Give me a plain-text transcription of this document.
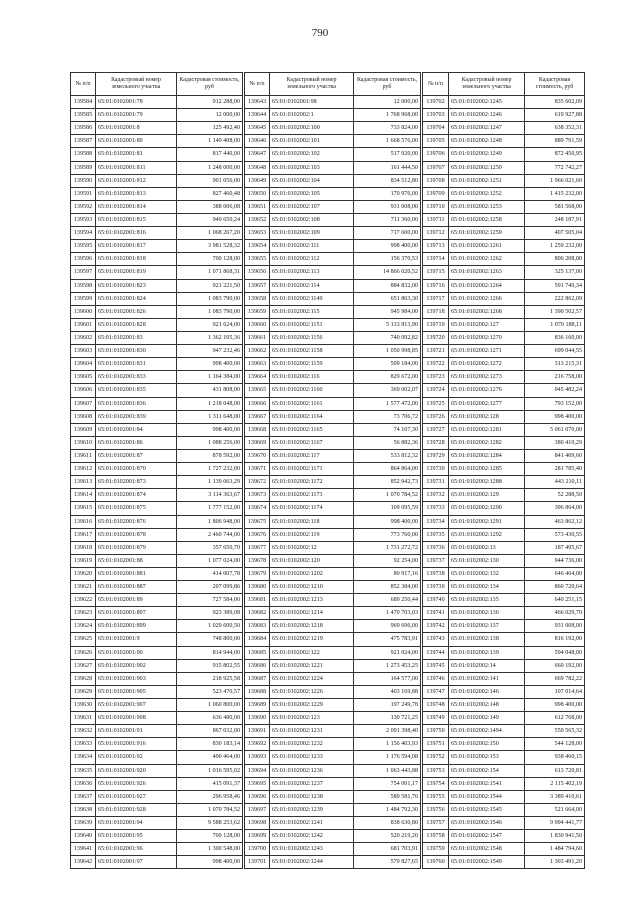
790
№ п/п	Кадастровый номер земельного участка	Кадастровая стоимость, руб
139584	65:01:0102001:78	912 288,00
139585	65:01:0102001:79	12 000,00
139586	65:01:0102001:8	125 492,40
139587	65:01:0102001:80	1 149 408,00
139588	65:01:0102001:81	817 440,00
139589	65:01:0102001:811	1 248 000,00
139590	65:01:0102001:812	901 056,00
139591	65:01:0102001:813	827 460,48
139592	65:01:0102001:814	388 006,08
139593	65:01:0102001:815	949 650,24
139594	65:01:0102001:816	1 068 267,20
139595	65:01:0102001:817	3 981 528,32
139596	65:01:0102001:818	700 128,00
139597	65:01:0102001:819	1 071 868,31
139598	65:01:0102001:823	921 221,50
139599	65:01:0102001:824	1 083 790,00
139600	65:01:0102001:826	1 083 790,00
139601	65:01:0102001:828	921 624,00
139602	65:01:0102001:83	1 362 105,36
139603	65:01:0102001:830	947 232,46
139604	65:01:0102001:831	998 400,00
139605	65:01:0102001:833	1 164 384,00
139606	65:01:0102001:835	431 808,00
139607	65:01:0102001:836	1 218 048,00
139608	65:01:0102001:839	1 311 648,00
139609	65:01:0102001:84	998 400,00
139610	65:01:0102001:86	1 088 256,00
139611	65:01:0102001:87	878 592,00
139612	65:01:0102001:870	1 727 232,00
139613	65:01:0102001:873	1 139 063,29
139614	65:01:0102001:874	3 114 363,67
139615	65:01:0102001:875	1 777 152,00
139616	65:01:0102001:876	1 806 948,00
139617	65:01:0102001:878	2 460 744,00
139618	65:01:0102001:879	357 650,70
139619	65:01:0102001:88	1 077 024,00
139620	65:01:0102001:881	414 007,78
139621	65:01:0102001:887	207 099,86
139622	65:01:0102001:89	727 584,00
139623	65:01:0102001:897	923 389,08
139624	65:01:0102001:899	1 029 600,50
139625	65:01:0102001:9	748 800,00
139626	65:01:0102001:90	814 944,00
139627	65:01:0102001:902	915 802,55
139628	65:01:0102001:903	218 925,58
139629	65:01:0102001:905	523 470,57
139630	65:01:0102001:907	1 060 800,00
139631	65:01:0102001:908	636 480,00
139632	65:01:0102001:91	867 032,00
139633	65:01:0102001:916	830 183,14
139634	65:01:0102001:92	490 464,00
139635	65:01:0102001:920	1 016 595,02
139636	65:01:0102001:926	415 091,37
139637	65:01:0102001:927	296 958,46
139638	65:01:0102001:928	1 070 784,52
139639	65:01:0102001:94	9 588 253,62
139640	65:01:0102001:95	700 128,00
139641	65:01:0102001:96	1 300 548,00
139642	65:01:0102001:97	998 400,00
№ п/п	Кадастровый номер земельного участка	Кадастровая стоимость, руб
139643	65:01:0102001:98	12 000,00
139644	65:01:0102002:1	1 768 968,00
139645	65:01:0102002:100	733 824,00
139646	65:01:0102002:101	1 668 576,00
139647	65:01:0102002:102	517 920,00
139648	65:01:0102002:103	161 444,50
139649	65:01:0102002:104	834 512,80
139650	65:01:0102002:105	170 976,00
139651	65:01:0102002:107	931 008,00
139652	65:01:0102002:108	711 360,00
139653	65:01:0102002:109	717 600,00
139654	65:01:0102002:111	998 400,00
139655	65:01:0102002:112	156 370,53
139656	65:01:0102002:113	14 866 020,52
139657	65:01:0102002:114	884 832,00
139658	65:01:0102002:1149	651 863,30
139659	65:01:0102002:115	945 984,00
139660	65:01:0102002:1151	5 133 813,90
139661	65:01:0102002:1156	740 092,82
139662	65:01:0102002:1158	1 050 998,85
139663	65:01:0102002:1159	509 184,00
139664	65:01:0102002:116	829 672,00
139665	65:01:0102002:1160	369 002,07
139666	65:01:0102002:1161	1 577 472,00
139667	65:01:0102002:1164	73 706,72
139668	65:01:0102002:1165	74 107,30
139669	65:01:0102002:1167	56 882,36
139670	65:01:0102002:117	533 812,32
139671	65:01:0102002:1171	864 864,00
139672	65:01:0102002:1172	852 942,73
139673	65:01:0102002:1173	1 070 784,52
139674	65:01:0102002:1174	109 095,59
139675	65:01:0102002:118	998 400,00
139676	65:01:0102002:119	773 760,00
139677	65:01:0102002:12	1 731 272,72
139678	65:01:0102002:120	92 254,00
139679	65:01:0102002:1202	80 917,16
139680	65:01:0102002:1210	852 384,00
139681	65:01:0102002:1213	689 250,44
139682	65:01:0102002:1214	1 470 703,03
139683	65:01:0102002:1218	969 696,00
139684	65:01:0102002:1219	475 783,91
139685	65:01:0102002:122	921 024,00
139686	65:01:0102002:1221	1 273 453,25
139687	65:01:0102002:1224	164 577,00
139688	65:01:0102002:1226	403 169,88
139689	65:01:0102002:1229	197 249,78
139690	65:01:0102002:123	130 721,25
139691	65:01:0102002:1231	2 091 398,40
139692	65:01:0102002:1232	1 156 403,93
139693	65:01:0102002:1233	1 176 594,08
139694	65:01:0102002:1236	1 063 443,88
139695	65:01:0102002:1237	754 001,17
139696	65:01:0102002:1238	589 581,76
139697	65:01:0102002:1239	1 484 792,30
139698	65:01:0102002:1241	838 630,80
139699	65:01:0102002:1242	520 219,20
139700	65:01:0102002:1243	681 703,91
139701	65:01:0102002:1244	579 827,65
№ п/п	Кадастровый номер земельного участка	Кадастровая стоимость, руб
139702	65:01:0102002:1245	835 602,09
139703	65:01:0102002:1246	619 927,88
139704	65:01:0102002:1247	638 352,31
139705	65:01:0102002:1248	889 791,59
139706	65:01:0102002:1249	872 450,95
139707	65:01:0102002:1250	772 742,27
139708	65:01:0102002:1251	1 966 021,60
139709	65:01:0102002:1252	1 415 232,00
139710	65:01:0102002:1253	581 568,00
139711	65:01:0102002:1258	248 187,91
139712	65:01:0102002:1259	407 505,04
139713	65:01:0102002:1261	1 259 232,00
139714	65:01:0102002:1262	806 208,00
139715	65:01:0102002:1263	325 137,00
139716	65:01:0102002:1264	591 749,34
139717	65:01:0102002:1266	222 862,09
139718	65:01:0102002:1268	1 390 502,57
139719	65:01:0102002:127	1 070 188,11
139720	65:01:0102002:1270	836 160,00
139721	65:01:0102002:1271	699 044,55
139722	65:01:0102002:1272	313 215,31
139723	65:01:0102002:1273	216 758,00
139724	65:01:0102002:1276	945 482,24
139725	65:01:0102002:1277	793 152,00
139726	65:01:0102002:128	998 400,00
139727	65:01:0102002:1281	5 061 070,00
139728	65:01:0102002:1282	380 410,29
139729	65:01:0102002:1284	841 409,60
139730	65:01:0102002:1285	281 785,40
139731	65:01:0102002:1288	443 210,11
139732	65:01:0102002:129	52 288,50
139733	65:01:0102002:1290	396 864,00
139734	65:01:0102002:1291	463 862,12
139735	65:01:0102002:1292	573 430,55
139736	65:01:0102002:13	187 495,67
139737	65:01:0102002:130	944 736,00
139738	65:01:0102002:132	646 464,00
139739	65:01:0102002:134	860 720,64
139740	65:01:0102002:135	640 251,15
139741	65:01:0102002:136	466 029,70
139742	65:01:0102002:137	931 008,00
139743	65:01:0102002:138	816 192,00
139744	65:01:0102002:139	594 048,00
139745	65:01:0102002:14	660 192,00
139746	65:01:0102002:141	669 782,22
139747	65:01:0102002:146	107 014,64
139748	65:01:0102002:148	998 400,00
139749	65:01:0102002:149	612 768,00
139750	65:01:0102002:1494	550 565,32
139751	65:01:0102002:150	544 128,00
139752	65:01:0102002:153	938 460,15
139753	65:01:0102002:154	613 720,81
139754	65:01:0102002:1541	2 115 402,19
139755	65:01:0102002:1544	3 389 410,61
139756	65:01:0102002:1545	521 664,00
139757	65:01:0102002:1546	9 094 441,77
139758	65:01:0102002:1547	1 830 941,50
139759	65:01:0102002:1548	1 484 794,60
139760	65:01:0102002:1549	1 303 491,20
